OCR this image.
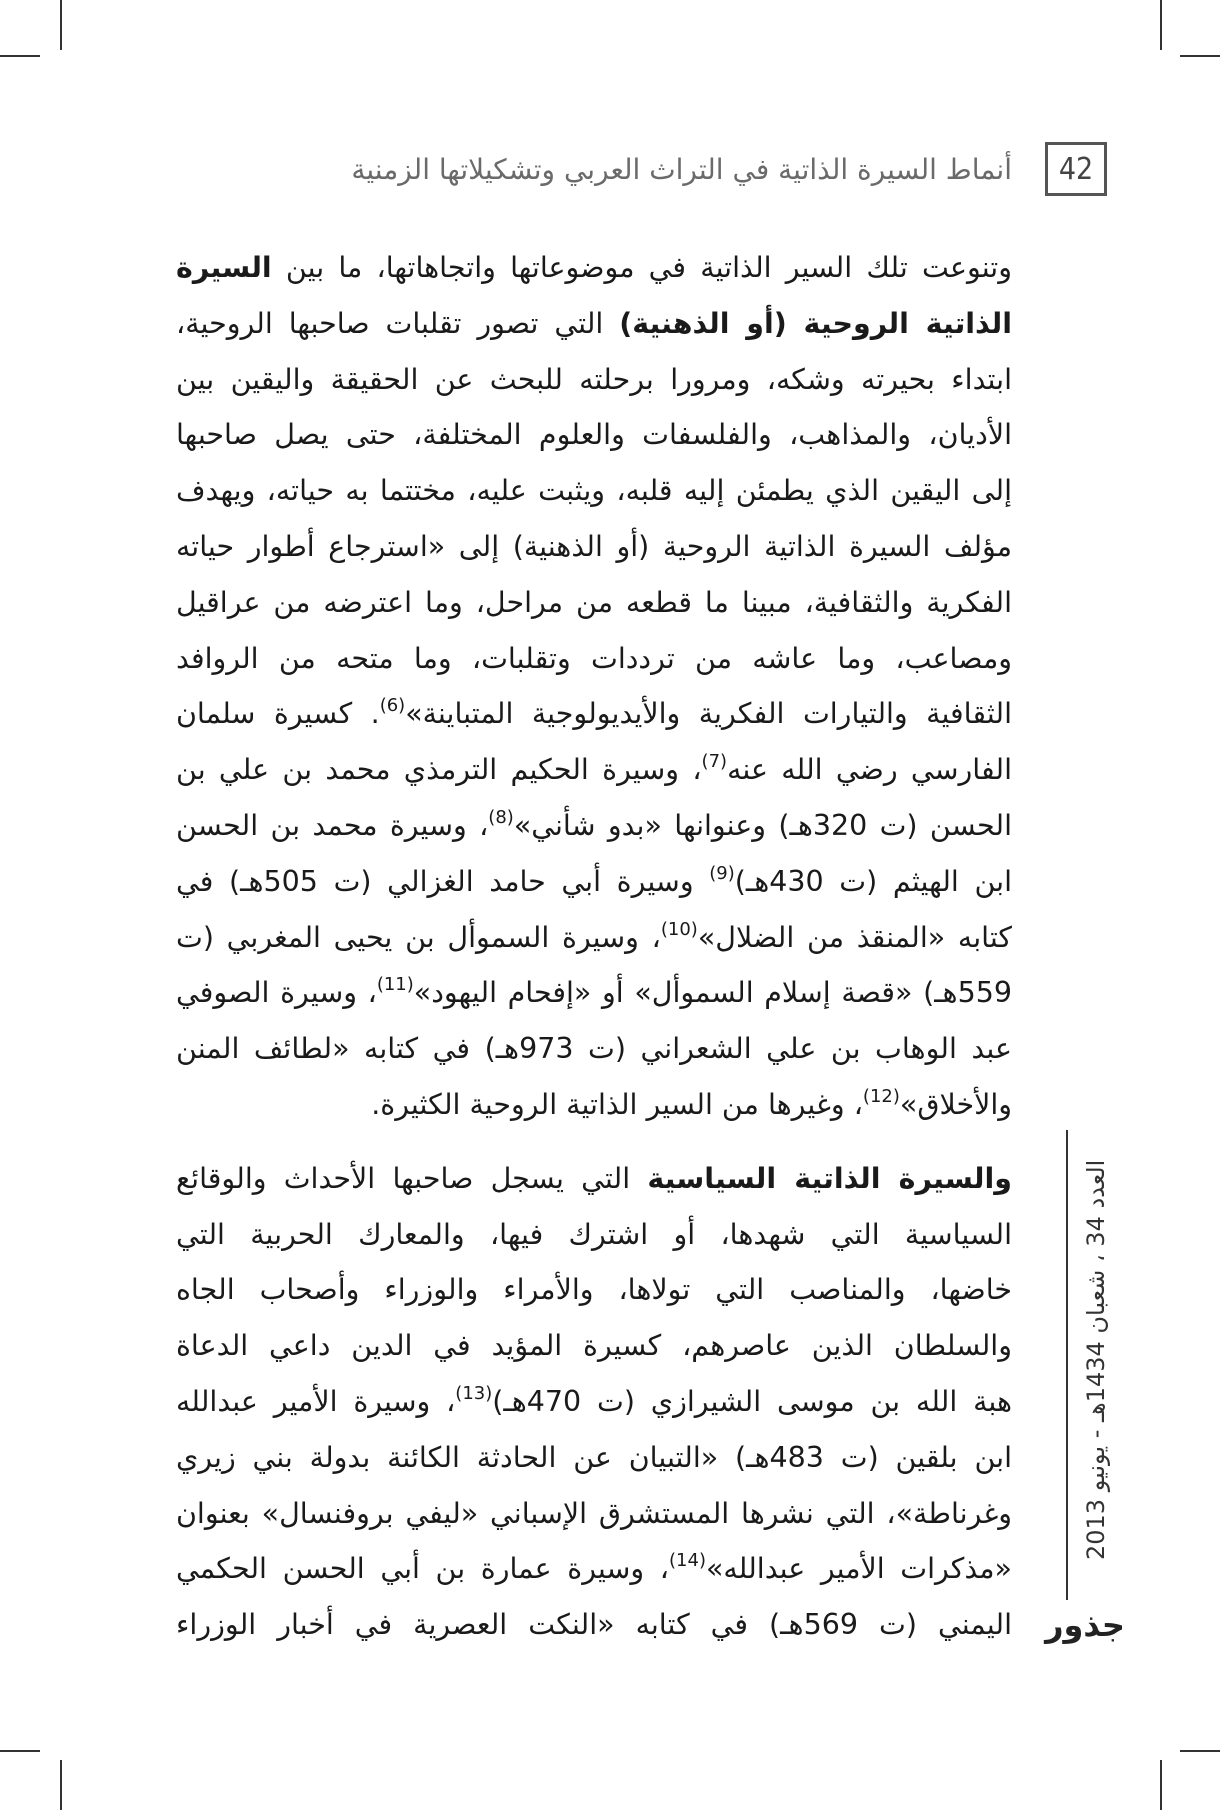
42
أنماط السيرة الذاتية في التراث العربي وتشكيلاتها الزمنية

وتنوعت تلك السير الذاتية في موضوعاتها واتجاهاتها، ما بين السيرة
الذاتية الروحية (أو الذهنية) التي تصور تقلبات صاحبها الروحية،
ابتداء بحيرته وشكه، ومرورا برحلته للبحث عن الحقيقة واليقين بين
الأديان، والمذاهب، والفلسفات والعلوم المختلفة، حتى يصل صاحبها
إلى اليقين الذي يطمئن إليه قلبه، ويثبت عليه، مختتما به حياته، ويهدف
مؤلف السيرة الذاتية الروحية (أو الذهنية) إلى «استرجاع أطوار حياته
الفكرية والثقافية، مبينا ما قطعه من مراحل، وما اعترضه من عراقيل
ومصاعب، وما عاشه من ترددات وتقلبات، وما متحه من الروافد
الثقافية والتيارات الفكرية والأيديولوجية المتباينة»$^{(6)}$. كسيرة سلمان
الفارسي رضي الله عنه$^{(7)}$، وسيرة الحكيم الترمذي محمد بن علي بن
الحسن (ت 320هـ) وعنوانها «بدو شأني»$^{(8)}$، وسيرة محمد بن الحسن
ابن الهيثم (ت 430هـ)$^{(9)}$ وسيرة أبي حامد الغزالي (ت 505هـ) في
كتابه «المنقذ من الضلال»$^{(10)}$، وسيرة السموأل بن يحيى المغربي (ت
559هـ) «قصة إسلام السموأل» أو «إفحام اليهود»$^{(11)}$، وسيرة الصوفي
عبد الوهاب بن علي الشعراني (ت 973هـ) في كتابه «لطائف المنن
والأخلاق»$^{(12)}$، وغيرها من السير الذاتية الروحية الكثيرة.

والسيرة الذاتية السياسية التي يسجل صاحبها الأحداث والوقائع
السياسية التي شهدها، أو اشترك فيها، والمعارك الحربية التي
خاضها، والمناصب التي تولاها، والأمراء والوزراء وأصحاب الجاه
والسلطان الذين عاصرهم، كسيرة المؤيد في الدين داعي الدعاة
هبة الله بن موسى الشيرازي (ت 470هـ)$^{(13)}$، وسيرة الأمير عبدالله
ابن بلقين (ت 483هـ) «التبيان عن الحادثة الكائنة بدولة بني زيري
وغرناطة»، التي نشرها المستشرق الإسباني «ليفي بروفنسال» بعنوان
«مذكرات الأمير عبدالله»$^{(14)}$، وسيرة عمارة بن أبي الحسن الحكمي
اليمني (ت 569هـ) في كتابه «النكت العصرية في أخبار الوزراء

العدد 34 ، شعبان 1434هـ - يونيو 2013
جذور
